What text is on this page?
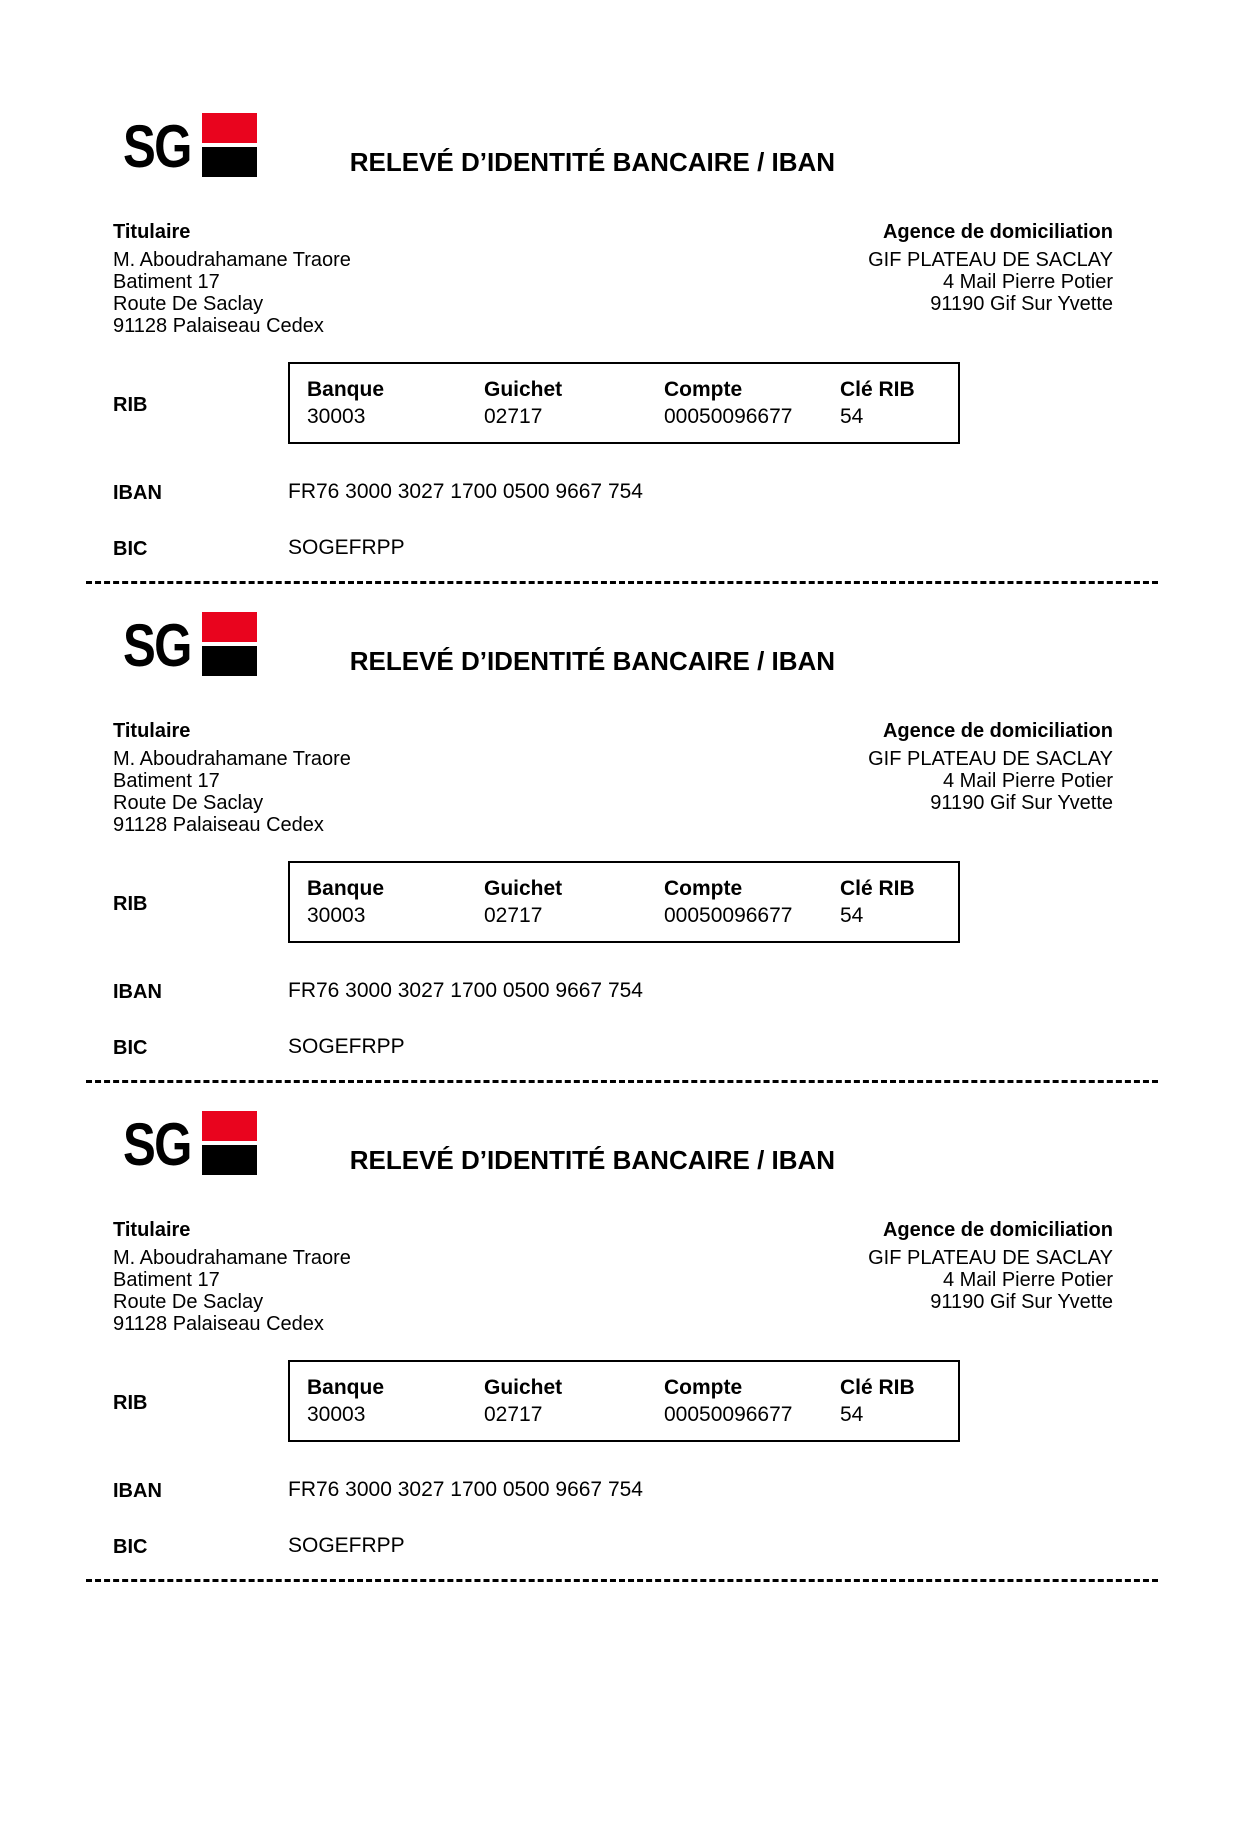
SG	RELEVÉ D’IDENTITÉ BANCAIRE / IBAN
Titulaire
M. Aboudrahamane Traore
Batiment 17
Route De Saclay
91128 Palaiseau Cedex
Agence de domiciliation
GIF PLATEAU DE SACLAY
4 Mail Pierre Potier
91190 Gif Sur Yvette
RIB
Banque	Guichet	Compte	Clé RIB
30003	02717	00050096677	54
IBAN	FR76 3000 3027 1700 0500 9667 754
BIC	SOGEFRPP
SG	RELEVÉ D’IDENTITÉ BANCAIRE / IBAN
Titulaire
M. Aboudrahamane Traore
Batiment 17
Route De Saclay
91128 Palaiseau Cedex
Agence de domiciliation
GIF PLATEAU DE SACLAY
4 Mail Pierre Potier
91190 Gif Sur Yvette
RIB
Banque	Guichet	Compte	Clé RIB
30003	02717	00050096677	54
IBAN	FR76 3000 3027 1700 0500 9667 754
BIC	SOGEFRPP
SG	RELEVÉ D’IDENTITÉ BANCAIRE / IBAN
Titulaire
M. Aboudrahamane Traore
Batiment 17
Route De Saclay
91128 Palaiseau Cedex
Agence de domiciliation
GIF PLATEAU DE SACLAY
4 Mail Pierre Potier
91190 Gif Sur Yvette
RIB
Banque	Guichet	Compte	Clé RIB
30003	02717	00050096677	54
IBAN	FR76 3000 3027 1700 0500 9667 754
BIC	SOGEFRPP
